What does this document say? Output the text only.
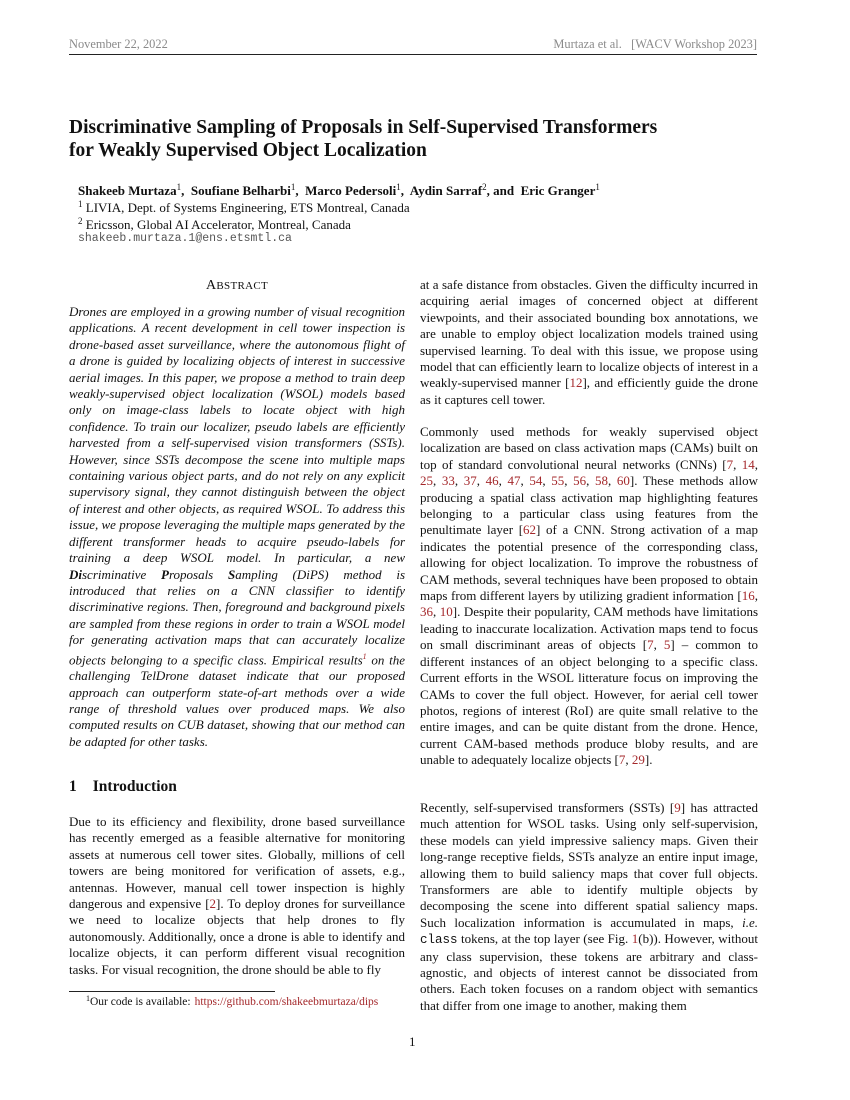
November 22, 2022	Murtaza et al.   [WACV Workshop 2023]
Discriminative Sampling of Proposals in Self-Supervised Transformers
for Weakly Supervised Object Localization
Shakeeb Murtaza$^1$,  Soufiane Belharbi$^1$,  Marco Pedersoli$^1$,  Aydin Sarraf$^2$, and Eric Granger$^1$
$^1$ LIVIA, Dept. of Systems Engineering, ETS Montreal, Canada
$^2$ Ericsson, Global AI Accelerator, Montreal, Canada
shakeeb.murtaza.1@ens.etsmtl.ca
ABSTRACT

Drones are employed in a growing number of visual recognition applications. A recent development in cell tower inspection is drone-based asset surveillance, where the autonomous flight of a drone is guided by localizing objects of interest in successive aerial images. In this paper, we propose a method to train deep weakly-supervised object localization (WSOL) models based only on image-class labels to locate object with high confidence. To train our localizer, pseudo labels are efficiently harvested from a self-supervised vision transformers (SSTs). However, since SSTs decompose the scene into multiple maps containing various object parts, and do not rely on any explicit supervisory signal, they cannot distinguish between the object of interest and other objects, as required WSOL. To address this issue, we propose leveraging the multiple maps generated by the different transformer heads to acquire pseudo-labels for training a deep WSOL model. In particular, a new Discriminative Proposals Sampling (DiPS) method is introduced that relies on a CNN classifier to identify discriminative regions. Then, foreground and background pixels are sampled from these regions in order to train a WSOL model for generating activation maps that can accurately localize objects belonging to a specific class. Empirical results$^1$ on the challenging TelDrone dataset indicate that our proposed approach can outperform state-of-art methods over a wide range of threshold values over produced maps. We also computed results on CUB dataset, showing that our method can be adapted for other tasks.

1 Introduction

Due to its efficiency and flexibility, drone based surveillance has recently emerged as a feasible alternative for monitoring assets at numerous cell tower sites. Globally, millions of cell towers are being monitored for verification of assets, e.g., antennas. However, manual cell tower inspection is highly dangerous and expensive [2]. To deploy drones for surveillance we need to localize objects that help drones to fly autonomously. Additionally, once a drone is able to identify and localize objects, it can perform different visual recognition tasks. For visual recognition, the drone should be able to fly

at a safe distance from obstacles. Given the difficulty incurred in acquiring aerial images of concerned object at different viewpoints, and their associated bounding box annotations, we are unable to employ object localization models trained using supervised learning. To deal with this issue, we propose using model that can efficiently learn to localize objects of interest in a weakly-supervised manner [12], and efficiently guide the drone as it captures cell tower.

Commonly used methods for weakly supervised object localization are based on class activation maps (CAMs) built on top of standard convolutional neural networks (CNNs) [7, 14, 25, 33, 37, 46, 47, 54, 55, 56, 58, 60]. These methods allow producing a spatial class activation map highlighting features belonging to a particular class using features from the penultimate layer [62] of a CNN. Strong activation of a map indicates the potential presence of the corresponding class, allowing for object localization. To improve the robustness of CAM methods, several techniques have been proposed to obtain maps from different layers by utilizing gradient information [16, 36, 10]. Despite their popularity, CAM methods have limitations leading to inaccurate localization. Activation maps tend to focus on small discriminant areas of objects [7, 5] – common to different instances of an object belonging to a specific class. Current efforts in the WSOL litterature focus on improving the CAMs to cover the full object. However, for aerial cell tower photos, regions of interest (RoI) are quite small relative to the entire images, and can be quite distant from the drone. Hence, current CAM-based methods produce bloby results, and are unable to adequately localize objects [7, 29].

Recently, self-supervised transformers (SSTs) [9] has attracted much attention for WSOL tasks. Using only self-supervision, these models can yield impressive saliency maps. Given their long-range receptive fields, SSTs analyze an entire input image, allowing them to build saliency maps that cover full objects. Transformers are able to identify multiple objects by decomposing the scene into different spatial saliency maps. Such localization information is accumulated in maps, i.e. class tokens, at the top layer (see Fig. 1(b)). However, without any class supervision, these tokens are arbitrary and class-agnostic, and objects of interest cannot be dissociated from others. Each token focuses on a random object with semantics that differ from one image to another, making them

$^1$Our code is available: https://github.com/shakeebmurtaza/dips
1
